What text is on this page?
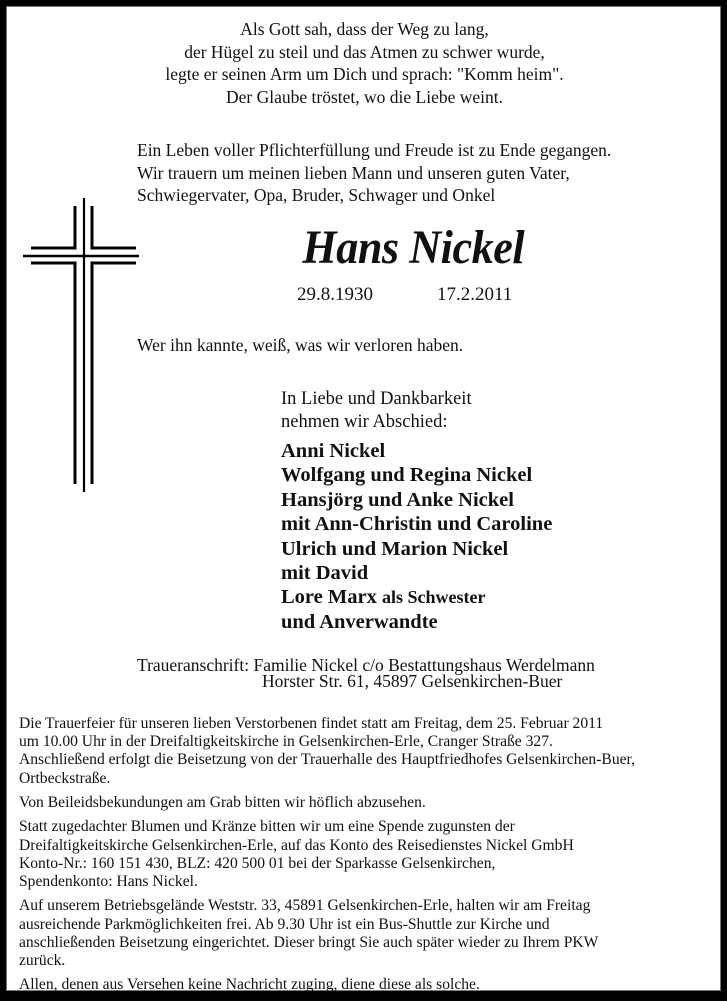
Als Gott sah, dass der Weg zu lang,
der Hügel zu steil und das Atmen zu schwer wurde,
legte er seinen Arm um Dich und sprach: "Komm heim".
Der Glaube tröstet, wo die Liebe weint.
Ein Leben voller Pflichterfüllung und Freude ist zu Ende gegangen.
Wir trauern um meinen lieben Mann und unseren guten Vater,
Schwiegervater, Opa, Bruder, Schwager und Onkel
Hans Nickel
29.8.1930	17.2.2011
Wer ihn kannte, weiß, was wir verloren haben.
In Liebe und Dankbarkeit
nehmen wir Abschied:
Anni Nickel
Wolfgang und Regina Nickel
Hansjörg und Anke Nickel
mit Ann-Christin und Caroline
Ulrich und Marion Nickel
mit David
Lore Marx als Schwester
und Anverwandte
Traueranschrift: Familie Nickel c/o Bestattungshaus Werdelmann
Horster Str. 61, 45897 Gelsenkirchen-Buer

Die Trauerfeier für unseren lieben Verstorbenen findet statt am Freitag, dem 25. Februar 2011
um 10.00 Uhr in der Dreifaltigkeitskirche in Gelsenkirchen-Erle, Cranger Straße 327.
Anschließend erfolgt die Beisetzung von der Trauerhalle des Hauptfriedhofes Gelsenkirchen-Buer,
Ortbeckstraße.

Von Beileidsbekundungen am Grab bitten wir höflich abzusehen.

Statt zugedachter Blumen und Kränze bitten wir um eine Spende zugunsten der
Dreifaltigkeitskirche Gelsenkirchen-Erle, auf das Konto des Reisedienstes Nickel GmbH
Konto-Nr.: 160 151 430, BLZ: 420 500 01 bei der Sparkasse Gelsenkirchen,
Spendenkonto: Hans Nickel.

Auf unserem Betriebsgelände Weststr. 33, 45891 Gelsenkirchen-Erle, halten wir am Freitag
ausreichende Parkmöglichkeiten frei. Ab 9.30 Uhr ist ein Bus-Shuttle zur Kirche und
anschließenden Beisetzung eingerichtet. Dieser bringt Sie auch später wieder zu Ihrem PKW
zurück.

Allen, denen aus Versehen keine Nachricht zuging, diene diese als solche.
